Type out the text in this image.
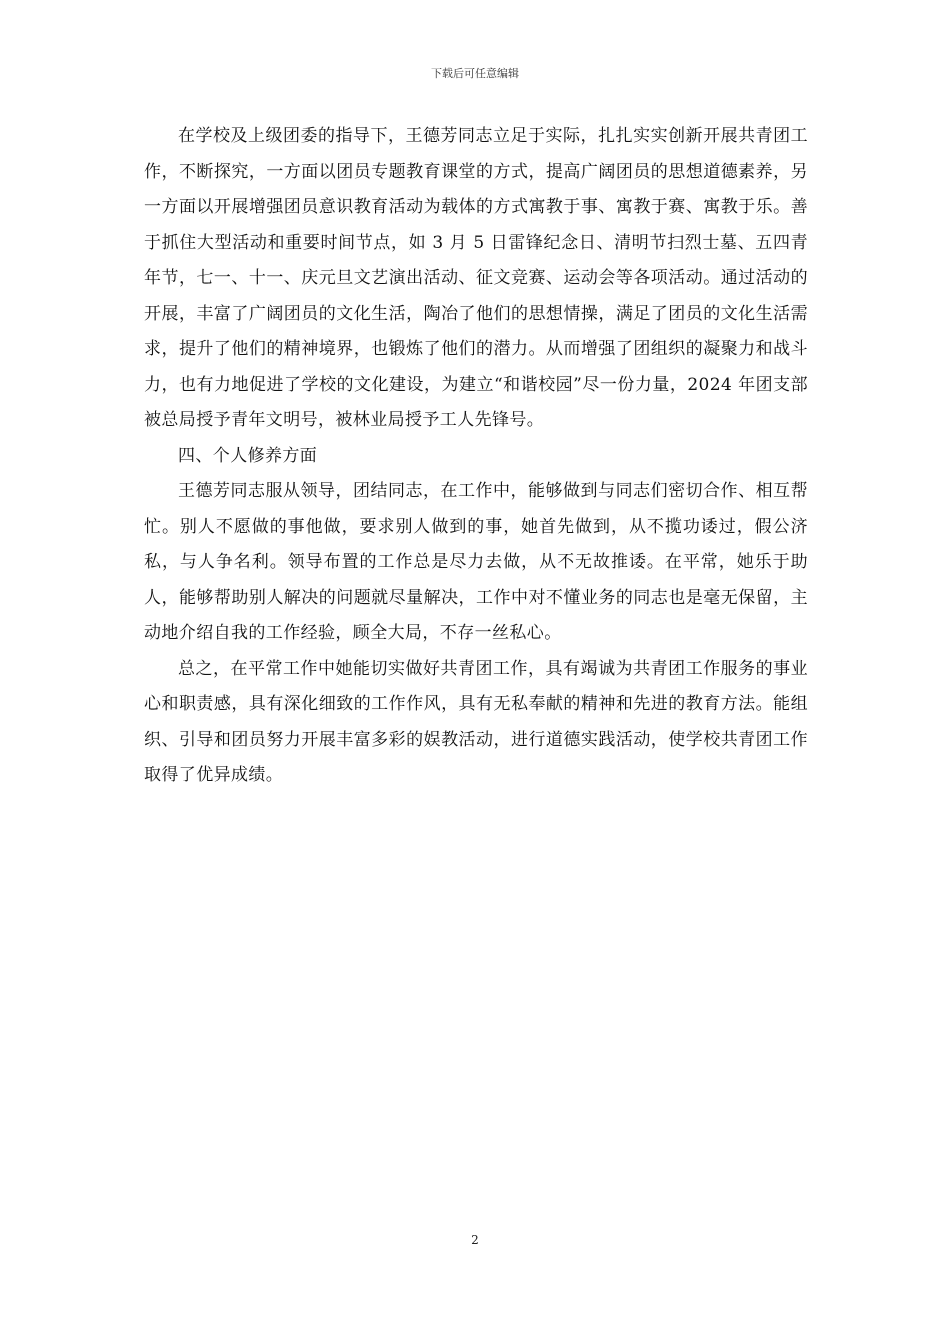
下载后可任意编辑

在学校及上级团委的指导下，王德芳同志立足于实际，扎扎实实创新开展共青团工作，不断探究，一方面以团员专题教育课堂的方式，提高广阔团员的思想道德素养，另一方面以开展增强团员意识教育活动为载体的方式寓教于事、寓教于赛、寓教于乐。善于抓住大型活动和重要时间节点，如 3 月 5 日雷锋纪念日、清明节扫烈士墓、五四青年节，七一、十一、庆元旦文艺演出活动、征文竞赛、运动会等各项活动。通过活动的开展，丰富了广阔团员的文化生活，陶冶了他们的思想情操，满足了团员的文化生活需求，提升了他们的精神境界，也锻炼了他们的潜力。从而增强了团组织的凝聚力和战斗力，也有力地促进了学校的文化建设，为建立“和谐校园”尽一份力量，2024 年团支部被总局授予青年文明号，被林业局授予工人先锋号。

四、个人修养方面

王德芳同志服从领导，团结同志，在工作中，能够做到与同志们密切合作、相互帮忙。别人不愿做的事他做，要求别人做到的事，她首先做到，从不揽功诿过，假公济私，与人争名利。领导布置的工作总是尽力去做，从不无故推诿。在平常，她乐于助人，能够帮助别人解决的问题就尽量解决，工作中对不懂业务的同志也是毫无保留，主动地介绍自我的工作经验，顾全大局，不存一丝私心。

总之，在平常工作中她能切实做好共青团工作，具有竭诚为共青团工作服务的事业心和职责感，具有深化细致的工作作风，具有无私奉献的精神和先进的教育方法。能组织、引导和团员努力开展丰富多彩的娱教活动，进行道德实践活动，使学校共青团工作取得了优异成绩。

2
